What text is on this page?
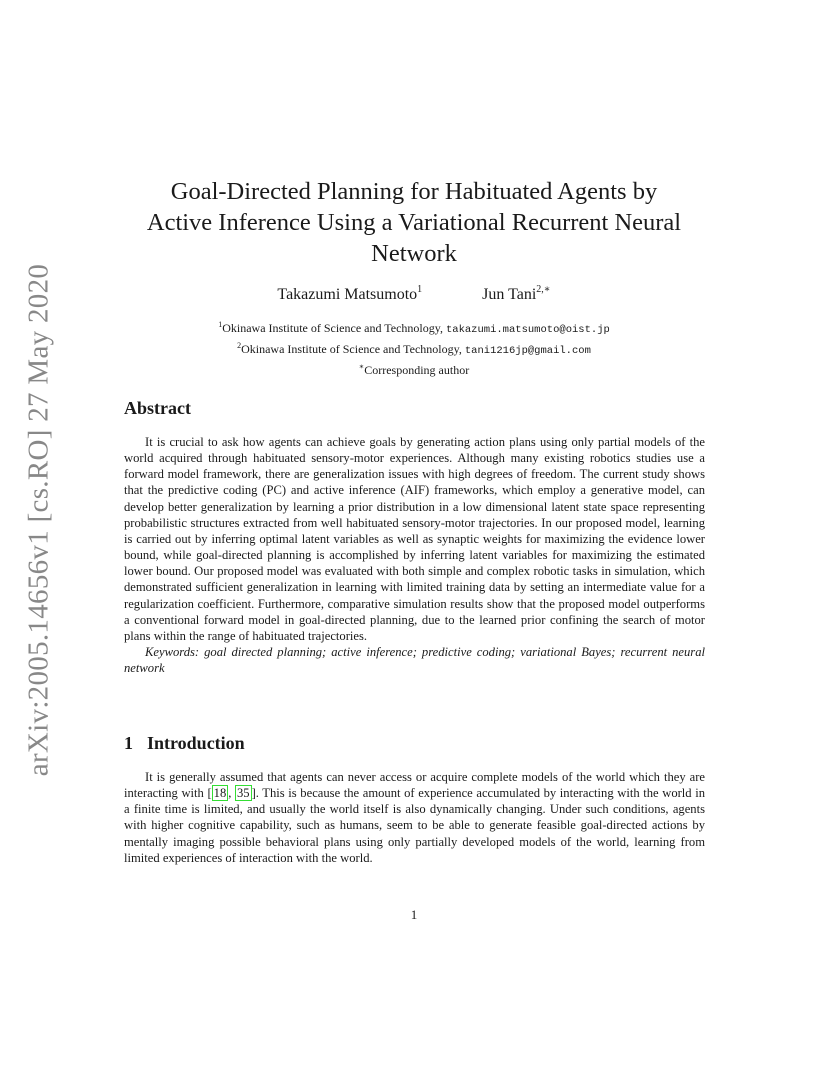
arXiv:2005.14656v1 [cs.RO] 27 May 2020
Goal-Directed Planning for Habituated Agents by
Active Inference Using a Variational Recurrent Neural
Network
Takazumi Matsumoto$^1$	Jun Tani$^{2,∗}$
$^1$Okinawa Institute of Science and Technology, takazumi.matsumoto@oist.jp
$^2$Okinawa Institute of Science and Technology, tani1216jp@gmail.com
∗Corresponding author
Abstract

It is crucial to ask how agents can achieve goals by generating action plans using only partial models of the world acquired through habituated sensory-motor experiences. Although many existing robotics studies use a forward model framework, there are generalization issues with high degrees of freedom. The current study shows that the predictive coding (PC) and active inference (AIF) frameworks, which employ a generative model, can develop better generalization by learning a prior distribution in a low dimensional latent state space representing probabilistic structures extracted from well habituated sensory-motor trajectories. In our proposed model, learning is carried out by inferring optimal latent variables as well as synaptic weights for maximizing the evidence lower bound, while goal-directed planning is accomplished by inferring latent variables for maximizing the estimated lower bound. Our proposed model was evaluated with both simple and complex robotic tasks in simulation, which demonstrated sufficient generalization in learning with limited training data by setting an intermediate value for a regularization coefficient. Furthermore, comparative simulation results show that the proposed model outperforms a conventional forward model in goal-directed planning, due to the learned prior confining the search of motor plans within the range of habituated trajectories.

Keywords: goal directed planning; active inference; predictive coding; variational Bayes; recurrent neural network

1 Introduction

It is generally assumed that agents can never access or acquire complete models of the world which they are interacting with [ 18 , 35 ]. This is because the amount of experience accumulated by interacting with the world in a finite time is limited, and usually the world itself is also dynamically changing. Under such conditions, agents with higher cognitive capability, such as humans, seem to be able to generate feasible goal-directed actions by mentally imaging possible behavioral plans using only partially developed models of the world, learning from limited experiences of interaction with the world.

1
